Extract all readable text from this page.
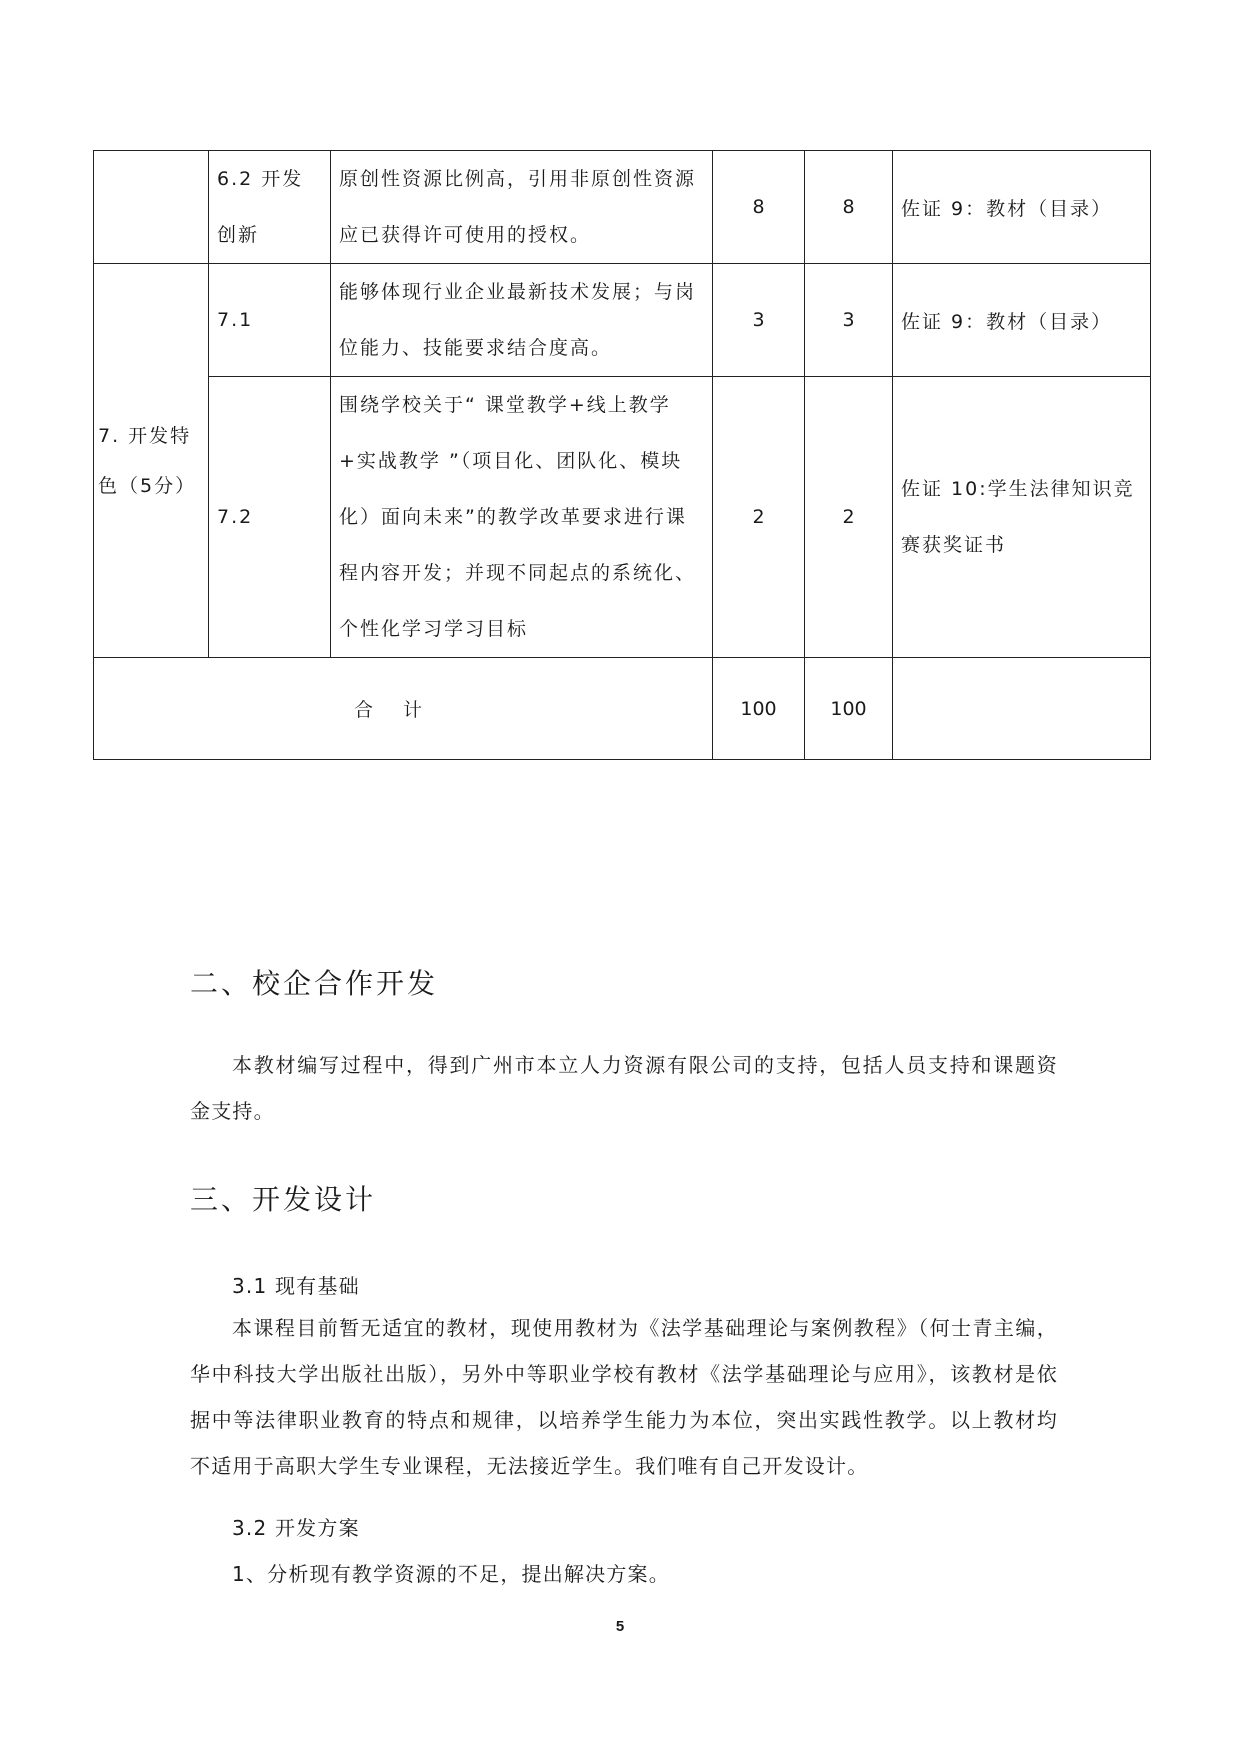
	6.2 开发创新	原创性资源比例高，引用非原创性资源应已获得许可使用的授权。	8	8	佐证 9：教材（目录）
7. 开发特色（5分）	7.1	能够体现行业企业最新技术发展；与岗位能力、技能要求结合度高。	3	3	佐证 9：教材（目录）
	7.2	围绕学校关于“ 课堂教学+线上教学+实战教学 ”（项目化、团队化、模块化）面向未来”的教学改革要求进行课程内容开发；并现不同起点的系统化、个性化学习学习目标	2	2	佐证 10:学生法律知识竞赛获奖证书

合计			100	100	
二、校企合作开发
本教材编写过程中，得到广州市本立人力资源有限公司的支持，包括人员支持和课题资金支持。
三、开发设计
3.1 现有基础
本课程目前暂无适宜的教材，现使用教材为《法学基础理论与案例教程》（何士青主编，华中科技大学出版社出版），另外中等职业学校有教材《法学基础理论与应用》，该教材是依据中等法律职业教育的特点和规律，以培养学生能力为本位，突出实践性教学。以上教材均不适用于高职大学生专业课程，无法接近学生。我们唯有自己开发设计。
3.2 开发方案
1、分析现有教学资源的不足，提出解决方案。
5
